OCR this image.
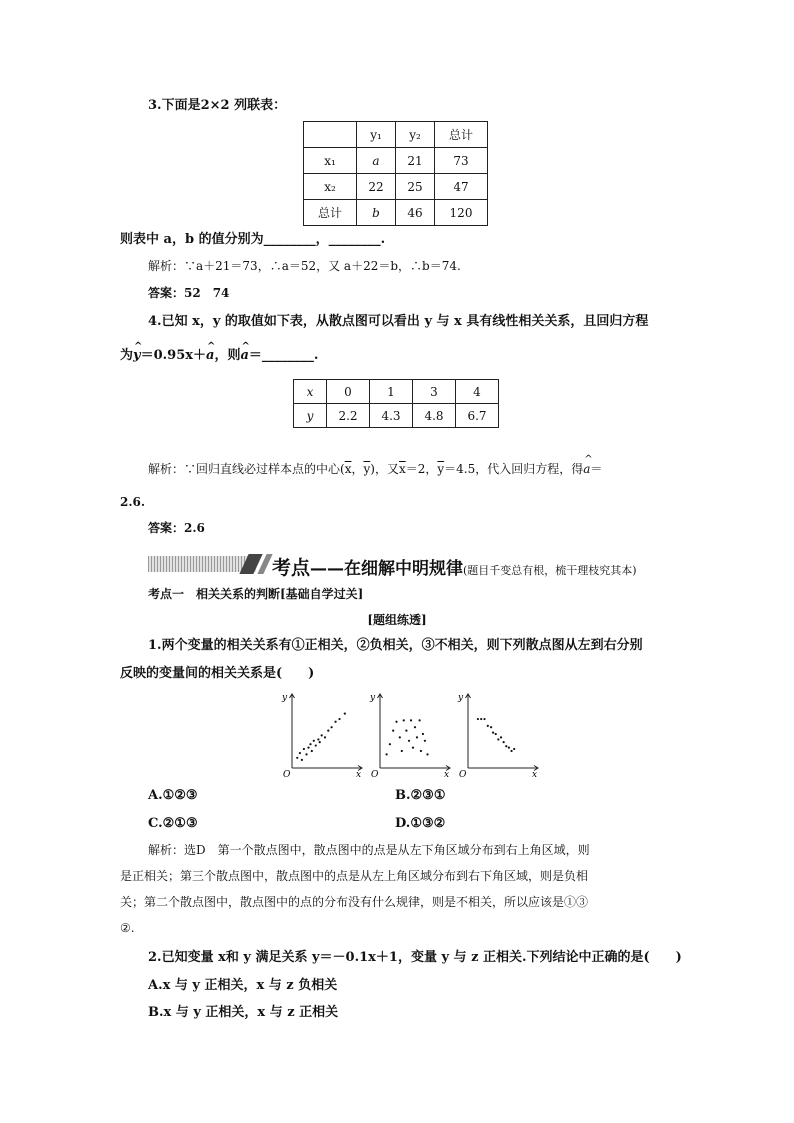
3.下面是2×2 列联表：
	y₁	y₂	总计
x₁	a	21	73
x₂	22	25	47
总计	b	46	120
则表中 a，b 的值分别为________，________.
解析：∵a＋21＝73，∴a＝52，又 a＋22＝b，∴b＝74.
答案：52　74
4.已知 x，y 的取值如下表，从散点图可以看出 y 与 x 具有线性相关关系，且回归方程
为^ y＝0.95x＋^ a，则^ a＝________.
x	0	1	3	4
y	2.2	4.3	4.8	6.7
解析：∵回归直线必过样本点的中心($\overline{x}$，$\overline{y}$)，又$\overline{x}=2$，$\overline{y}=4.5$，代入回归方程，得^ a＝
2.6.
答案：2.6
考点——在细解中明规律(题目千变总有根，梳干理枝究其本)
考点一　相关关系的判断[基础自学过关]
[题组练透]
1.两个变量的相关关系有①正相关，②负相关，③不相关，则下列散点图从左到右分别
反映的变量间的相关关系是(　　)
y
x
O
y
x
O
y
x
O
A.①②③	B.②③①
C.②①③	D.①③②
解析：选D　第一个散点图中，散点图中的点是从左下角区域分布到右上角区域，则
是正相关；第三个散点图中，散点图中的点是从左上角区域分布到右下角区域，则是负相
关；第二个散点图中，散点图中的点的分布没有什么规律，则是不相关，所以应该是①③
②.
2.已知变量 x和 y 满足关系 y＝－0.1x＋1，变量 y 与 z 正相关.下列结论中正确的是(　　)
A.x 与 y 正相关，x 与 z 负相关
B.x 与 y 正相关，x 与 z 正相关
